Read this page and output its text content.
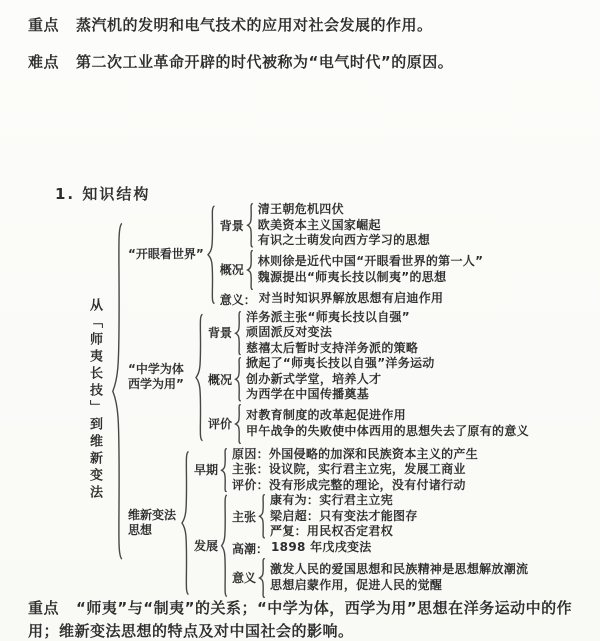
重点 蒸汽机的发明和电气技术的应用对社会发展的作用。
难点 第二次工业革命开辟的时代被称为“电气时代”的原因。
1. 知识结构
从「师夷长技」到维新变法
“开眼看世界”
背景
清王朝危机四伏
欧美资本主义国家崛起
有识之士萌发向西方学习的思想
概况
林则徐是近代中国“开眼看世界的第一人”
魏源提出“师夷长技以制夷”的思想
意义： 对当时知识界解放思想有启迪作用
“中学为体西学为用”
背景
洋务派主张“师夷长技以自强”
顽固派反对变法
慈禧太后暂时支持洋务派的策略
概况
掀起了“师夷长技以自强”洋务运动
创办新式学堂，培养人才
为西学在中国传播奠基
评价
对教育制度的改革起促进作用
甲午战争的失败使中体西用的思想失去了原有的意义
维新变法思想
早期
原因：外国侵略的加深和民族资本主义的产生
主张：设议院，实行君主立宪，发展工商业
评价：没有形成完整的理论，没有付诸行动
发展
主张
康有为：实行君主立宪
梁启超：只有变法才能图存
严复：用民权否定君权
高潮： 1898 年戊戌变法
意义
激发人民的爱国思想和民族精神是思想解放潮流
思想启蒙作用，促进人民的觉醒
重点 “师夷”与“制夷”的关系；“中学为体，西学为用”思想在洋务运动中的作用；维新变法思想的特点及对中国社会的影响。
